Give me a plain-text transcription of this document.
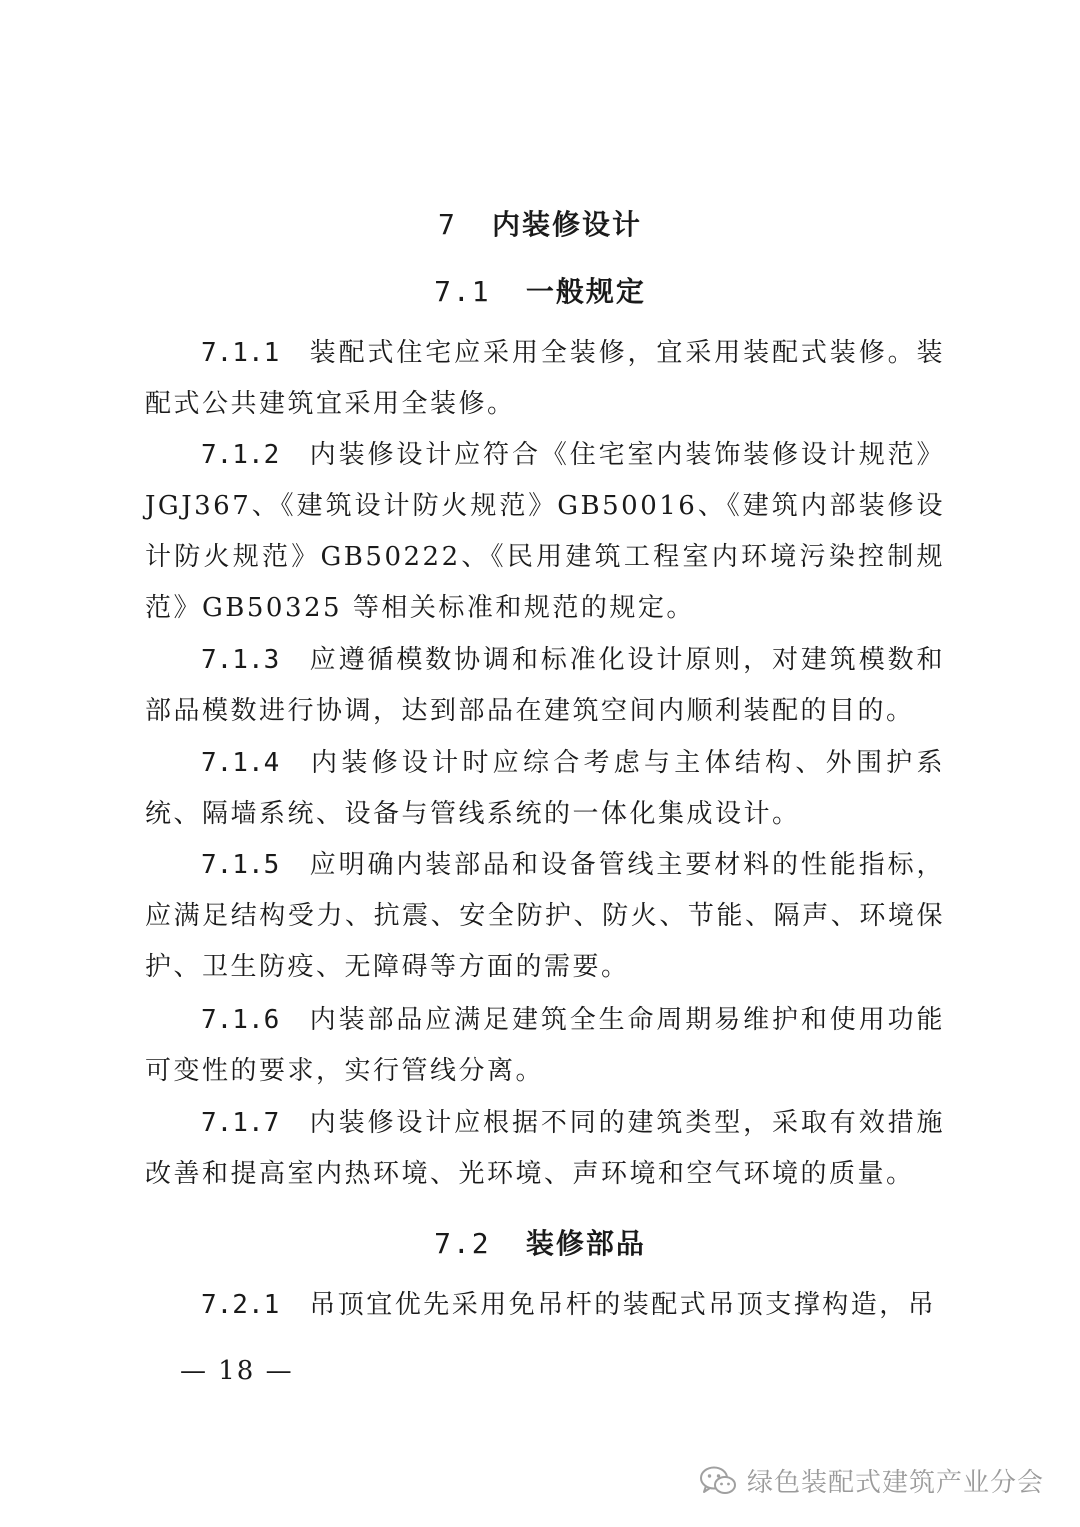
7 内装修设计
7.1 一般规定
7.1.1 装配式住宅应采用全装修，宜采用装配式装修。装配式公共建筑宜采用全装修。
7.1.2 内装修设计应符合《住宅室内装饰装修设计规范》JGJ367、《建筑设计防火规范》GB50016、《建筑内部装修设计防火规范》GB50222、《民用建筑工程室内环境污染控制规范》GB50325 等相关标准和规范的规定。
7.1.3 应遵循模数协调和标准化设计原则，对建筑模数和部品模数进行协调，达到部品在建筑空间内顺利装配的目的。
7.1.4 内装修设计时应综合考虑与主体结构、外围护系统、隔墙系统、设备与管线系统的一体化集成设计。
7.1.5 应明确内装部品和设备管线主要材料的性能指标，应满足结构受力、抗震、安全防护、防火、节能、隔声、环境保护、卫生防疫、无障碍等方面的需要。
7.1.6 内装部品应满足建筑全生命周期易维护和使用功能可变性的要求，实行管线分离。
7.1.7 内装修设计应根据不同的建筑类型，采取有效措施改善和提高室内热环境、光环境、声环境和空气环境的质量。
7.2 装修部品
7.2.1 吊顶宜优先采用免吊杆的装配式吊顶支撑构造，吊
— 18 —
绿色装配式建筑产业分会
